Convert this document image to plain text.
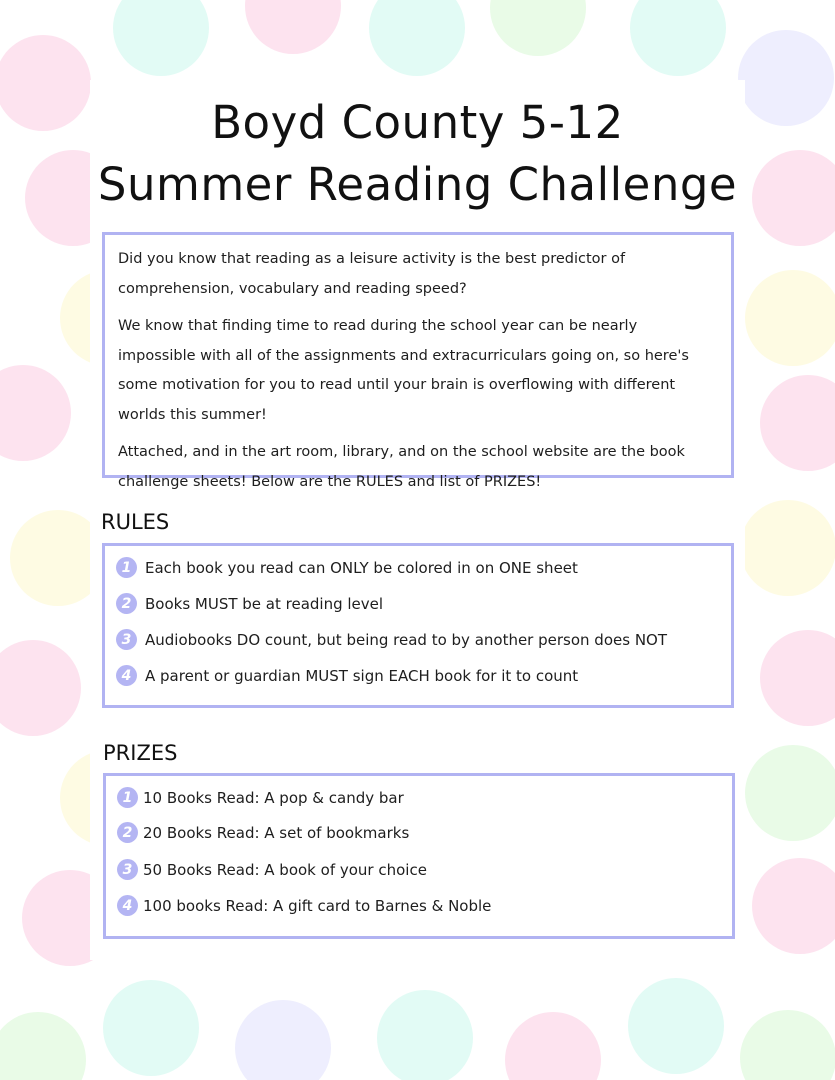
Boyd County 5-12
Summer Reading Challenge

Did you know that reading as a leisure activity is the best predictor of comprehension, vocabulary and reading speed?

We know that finding time to read during the school year can be nearly impossible with all of the assignments and extracurriculars going on, so here's some motivation for you to read until your brain is overflowing with different worlds this summer!

Attached, and in the art room, library, and on the school website are the book challenge sheets! Below are the RULES and list of PRIZES!

RULES
1 Each book you read can ONLY be colored in on ONE sheet
2 Books MUST be at reading level
3 Audiobooks DO count, but being read to by another person does NOT
4 A parent or guardian MUST sign EACH book for it to count
PRIZES
1 10 Books Read: A pop & candy bar
2 20 Books Read: A set of bookmarks
3 50 Books Read: A book of your choice
4 100 books Read: A gift card to Barnes & Noble
